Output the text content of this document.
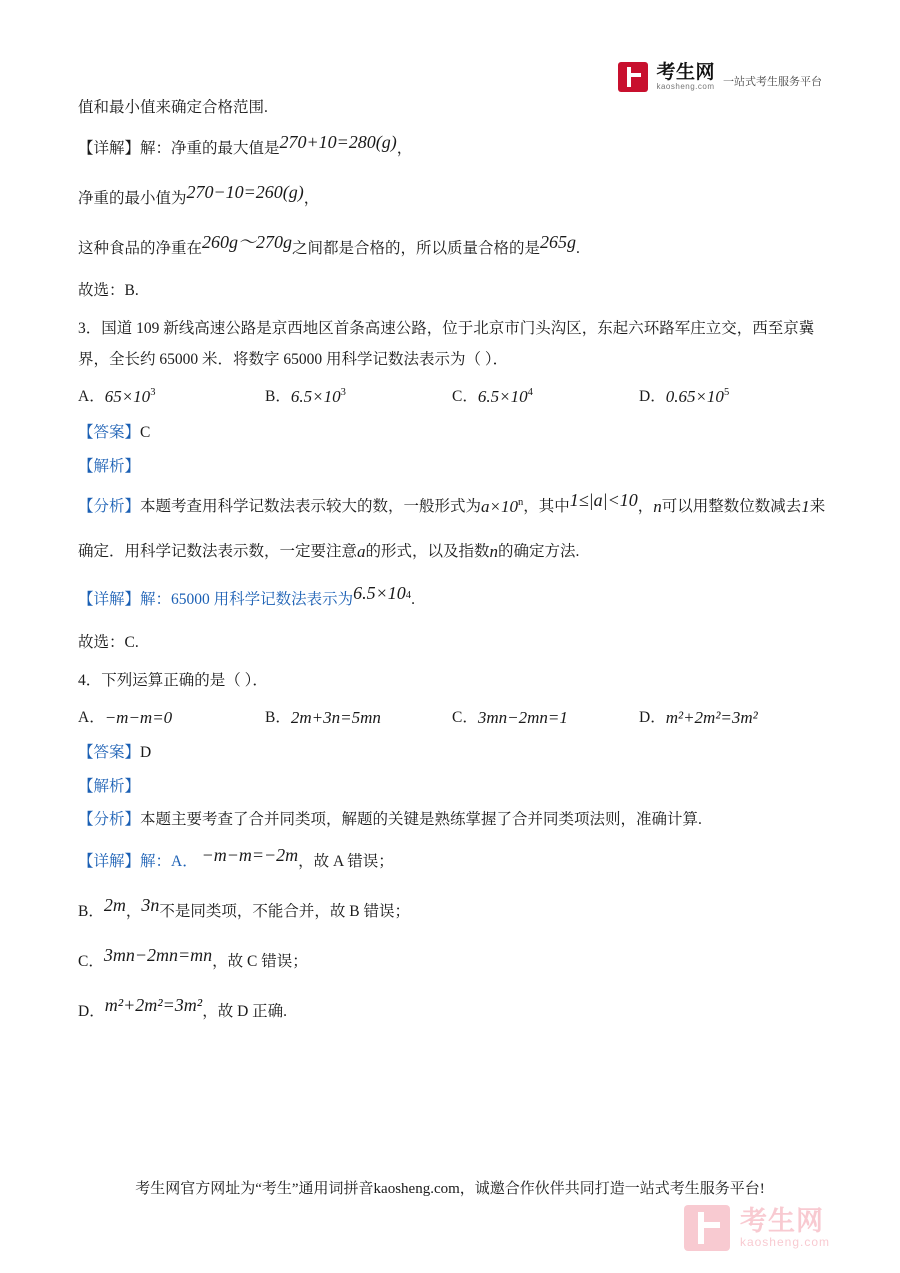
考生网
kaosheng.com 一站式考生服务平台

值和最小值来确定合格范围.

【详解】解：净重的最大值是270+10=280(g)，

净重的最小值为270−10=260(g)，

这种食品的净重在260g～270g之间都是合格的，所以质量合格的是265g.

故选：B.

3．国道 109 新线高速公路是京西地区首条高速公路，位于北京市门头沟区，东起六环路军庄立交，西至京冀界，全长约 65000 米．将数字 65000 用科学记数法表示为（ ）．

A．$65\times 10^3$	B．$6.5\times 10^3$	C．$6.5\times 10^4$	D．$0.65\times 10^5$

【答案】C

【解析】

【分析】本题考查用科学记数法表示较大的数，一般形式为$a\times 10^n$，其中1≤|a|<10，n可以用整数位数减去1来确定．用科学记数法表示数，一定要注意a的形式，以及指数n的确定方法.

【详解】解：65000 用科学记数法表示为$6.5\times 10^4$.

故选：C.

4．下列运算正确的是（ ）．

A．−m−m=0	B．2m+3n=5mn	C．3mn−2mn=1	D．m²+2m²=3m²

【答案】D

【解析】

【分析】本题主要考查了合并同类项，解题的关键是熟练掌握了合并同类项法则，准确计算.

【详解】解：A． −m−m=−2m，故 A 错误；

B．2m，3n不是同类项，不能合并，故 B 错误；

C．3mn−2mn=mn，故 C 错误；

D．m²+2m²=3m²，故 D 正确.

考生网官方网址为“考生”通用词拼音kaosheng.com，诚邀合作伙伴共同打造一站式考生服务平台!
考生网
kaosheng.com
